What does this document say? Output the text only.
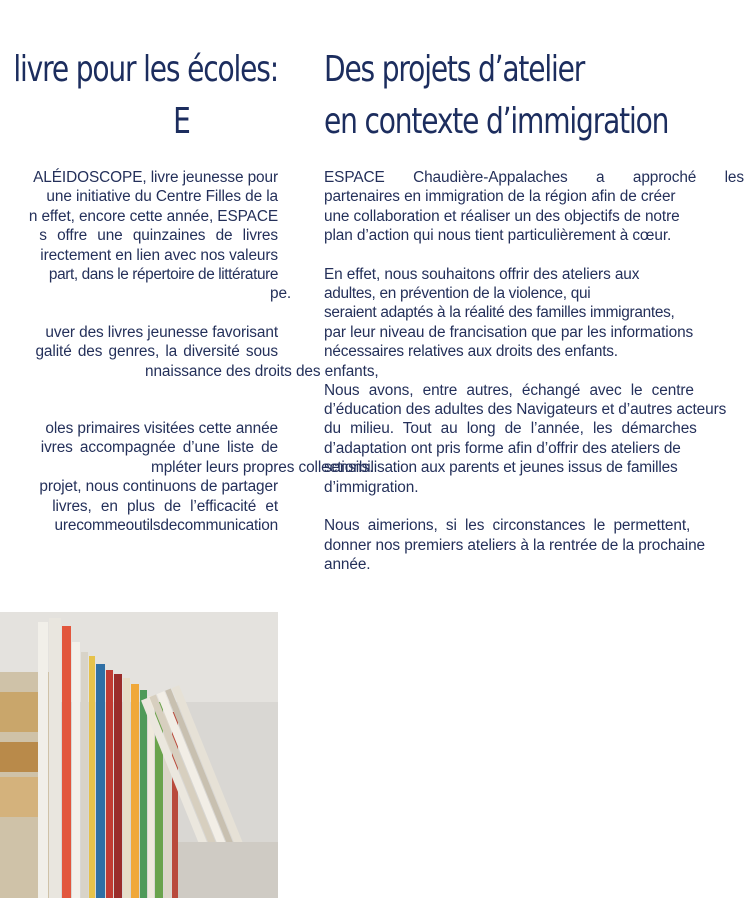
livre pour les écoles:
E
ALÉIDOSCOPE, livre jeunesse pour
une initiative du Centre Filles de la
n effet, encore cette année, ESPACE
s offre une quinzaines de livres
irectement en lien avec nos valeurs
part, dans le répertoire de littérature
pe.
uver des livres jeunesse favorisant
galité des genres, la diversité sous
nnaissance des droits des enfants,
oles primaires visitées cette année
ivres accompagnée d’une liste de
mpléter leurs propres collections.
projet, nous continuons de partager
livres, en plus de l’efficacité et
urecommeoutilsdecommunication
Des projets d’atelier
en contexte d’immigration
ESPACE Chaudière-Appalaches a approché les
partenaires en immigration de la région afin de créer
une collaboration et réaliser un des objectifs de notre
plan d’action qui nous tient particulièrement à cœur.
En effet, nous souhaitons offrir des ateliers aux
adultes, en prévention de la violence, qui
seraient adaptés à la réalité des familles immigrantes,
par leur niveau de francisation que par les informations
nécessaires relatives aux droits des enfants.
Nous avons, entre autres, échangé avec le centre
d’éducation des adultes des Navigateurs et d’autres acteurs
du milieu. Tout au long de l’année, les démarches
d’adaptation ont pris forme afin d’offrir des ateliers de
sensibilisation aux parents et jeunes issus de familles
d’immigration.
Nous aimerions, si les circonstances le permettent,
donner nos premiers ateliers à la rentrée de la prochaine
année.
